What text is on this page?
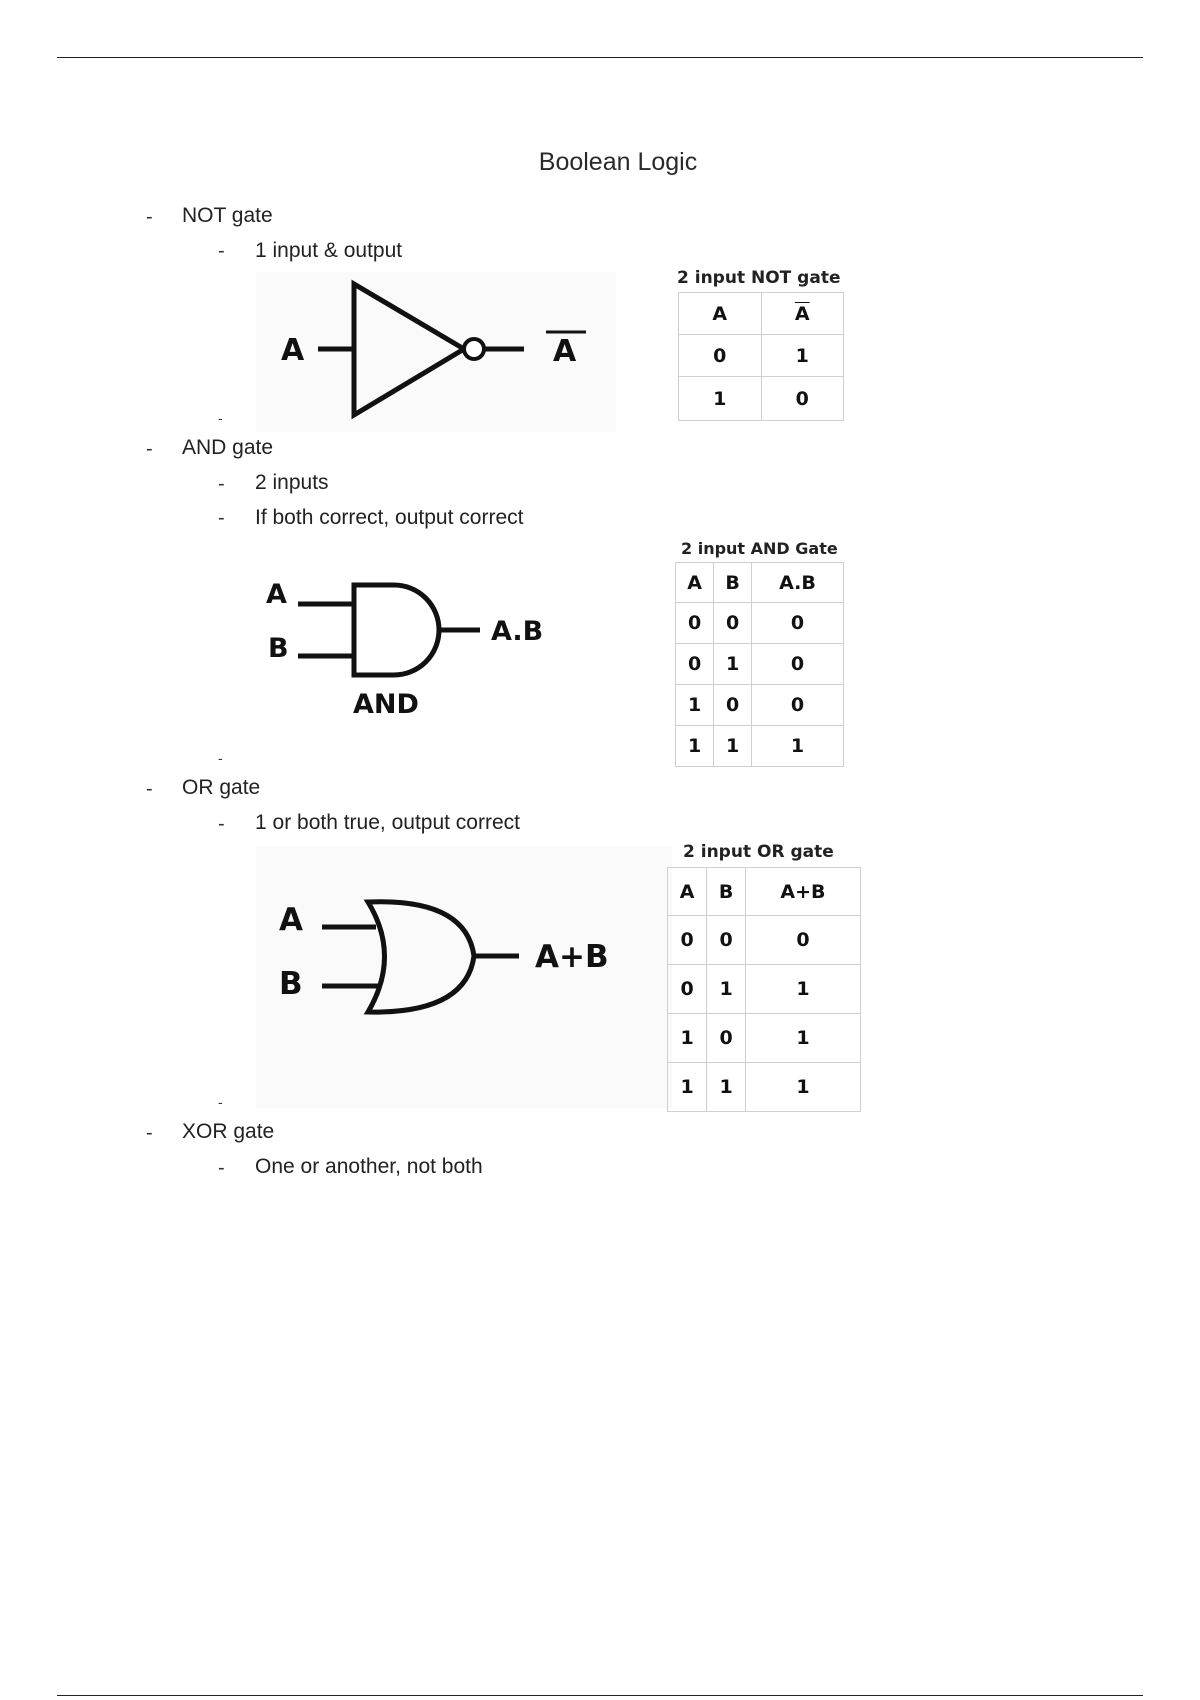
Boolean Logic
- NOT gate
- 1 input & output
A	A
2 input NOT gate
A	$\overline{A}$
0	1
1	0
-
- AND gate
- 2 inputs
- If both correct, output correct
A
B
A.B
AND
2 input AND Gate
A	B	A.B
0	0	0
0	1	0
1	0	0
1	1	1
-
- OR gate
- 1 or both true, output correct
A
B
A+B
2 input OR gate
A	B	A+B
0	0	0
0	1	1
1	0	1
1	1	1
-
- XOR gate
- One or another, not both
